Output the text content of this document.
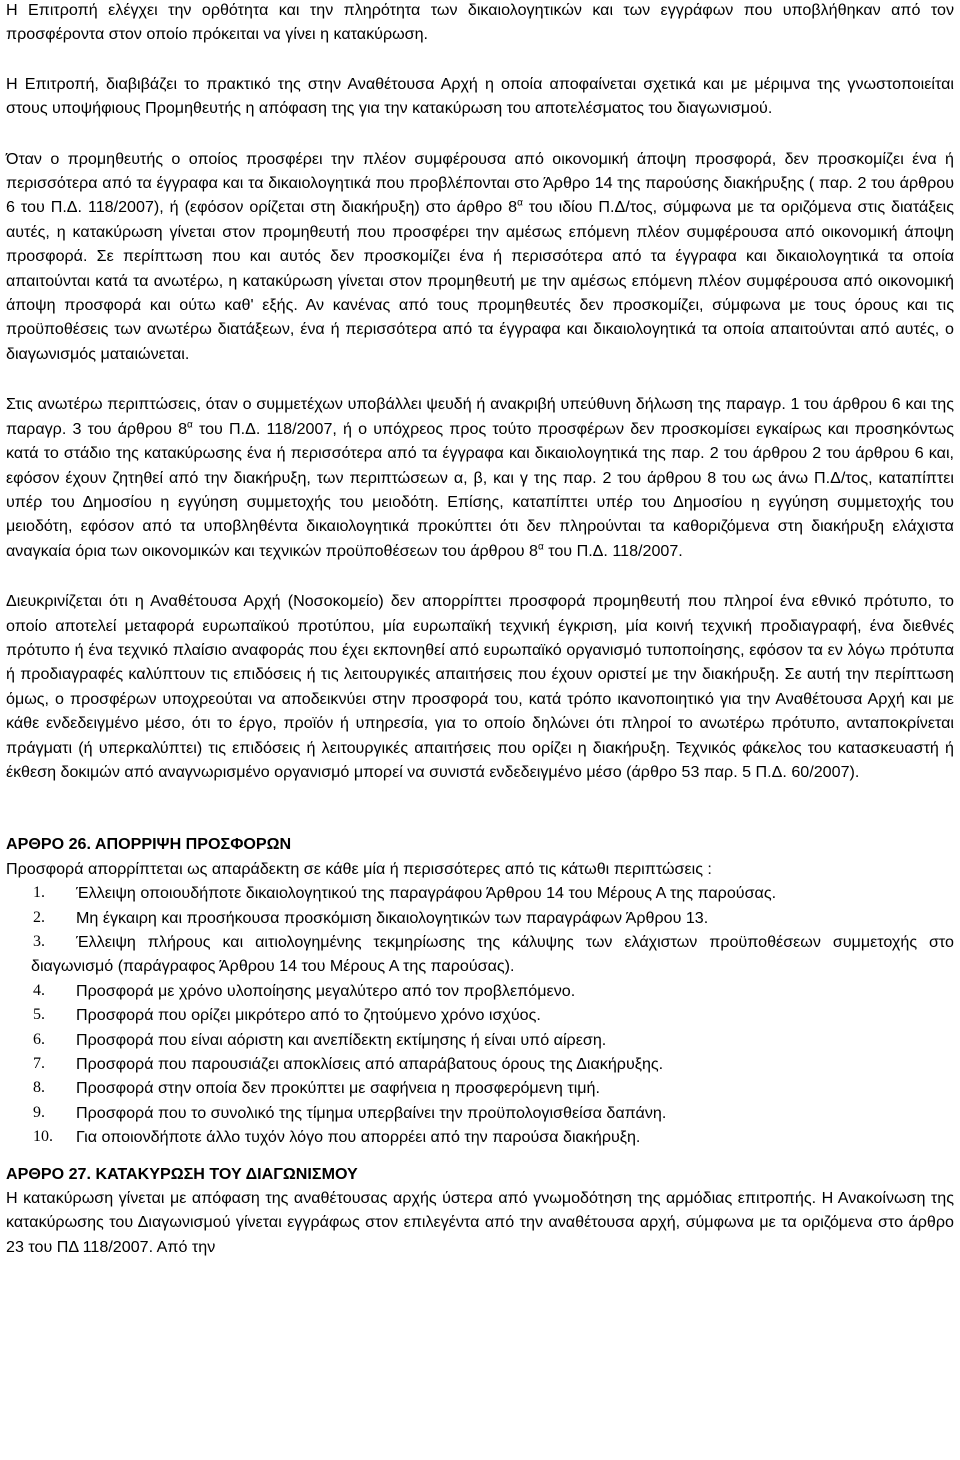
Η Επιτροπή ελέγχει την ορθότητα και την πληρότητα των δικαιολογητικών και των εγγράφων που υποβλήθηκαν από τον προσφέροντα στον οποίο πρόκειται να γίνει η κατακύρωση.

Η Επιτροπή, διαβιβάζει το πρακτικό της στην Αναθέτουσα Αρχή η οποία αποφαίνεται σχετικά και με μέριμνα της γνωστοποιείται στους υποψήφιους Προμηθευτής η απόφαση της για την κατακύρωση του αποτελέσματος του διαγωνισμού.

Όταν ο προμηθευτής ο οποίος προσφέρει την πλέον συμφέρουσα από οικονομική άποψη προσφορά, δεν προσκομίζει ένα ή περισσότερα από τα έγγραφα και τα δικαιολογητικά που προβλέπονται στο Άρθρο 14 της παρούσης διακήρυξης ( παρ. 2 του άρθρου 6 του Π.Δ. 118/2007), ή (εφόσον ορίζεται στη διακήρυξη) στο άρθρο $8^\alpha$ του ιδίου Π.Δ/τος, σύμφωνα με τα οριζόμενα στις διατάξεις αυτές, η κατακύρωση γίνεται στον προμηθευτή που προσφέρει την αμέσως επόμενη πλέον συμφέρουσα από οικονομική άποψη προσφορά. Σε περίπτωση που και αυτός δεν προσκομίζει ένα ή περισσότερα από τα έγγραφα και δικαιολογητικά τα οποία απαιτούνται κατά τα ανωτέρω, η κατακύρωση γίνεται στον προμηθευτή με την αμέσως επόμενη πλέον συμφέρουσα από οικονομική άποψη προσφορά και ούτω καθ' εξής. Αν κανένας από τους προμηθευτές δεν προσκομίζει, σύμφωνα με τους όρους και τις προϋποθέσεις των ανωτέρω διατάξεων, ένα ή περισσότερα από τα έγγραφα και δικαιολογητικά τα οποία απαιτούνται από αυτές, ο διαγωνισμός ματαιώνεται.

Στις ανωτέρω περιπτώσεις, όταν ο συμμετέχων υποβάλλει ψευδή ή ανακριβή υπεύθυνη δήλωση της παραγρ. 1 του άρθρου 6 και της παραγρ. 3 του άρθρου $8^\alpha$ του Π.Δ. 118/2007, ή ο υπόχρεος προς τούτο προσφέρων δεν προσκομίσει εγκαίρως και προσηκόντως κατά το στάδιο της κατακύρωσης ένα ή περισσότερα από τα έγγραφα και δικαιολογητικά της παρ. 2 του άρθρου 2 του άρθρου 6 και, εφόσον έχουν ζητηθεί από την διακήρυξη, των περιπτώσεων α, β, και γ της παρ. 2 του άρθρου 8 του ως άνω Π.Δ/τος, καταπίπτει υπέρ του Δημοσίου η εγγύηση συμμετοχής του μειοδότη. Επίσης, καταπίπτει υπέρ του Δημοσίου η εγγύηση συμμετοχής του μειοδότη, εφόσον από τα υποβληθέντα δικαιολογητικά προκύπτει ότι δεν πληρούνται τα καθοριζόμενα στη διακήρυξη ελάχιστα αναγκαία όρια των οικονομικών και τεχνικών προϋποθέσεων του άρθρου $8^\alpha$ του Π.Δ. 118/2007.

Διευκρινίζεται ότι η Αναθέτουσα Αρχή (Νοσοκομείο) δεν απορρίπτει προσφορά προμηθευτή που πληροί ένα εθνικό πρότυπο, το οποίο αποτελεί μεταφορά ευρωπαϊκού προτύπου, μία ευρωπαϊκή τεχνική έγκριση, μία κοινή τεχνική προδιαγραφή, ένα διεθνές πρότυπο ή ένα τεχνικό πλαίσιο αναφοράς που έχει εκπονηθεί από ευρωπαϊκό οργανισμό τυποποίησης, εφόσον τα εν λόγω πρότυπα ή προδιαγραφές καλύπτουν τις επιδόσεις ή τις λειτουργικές απαιτήσεις που έχουν οριστεί με την διακήρυξη. Σε αυτή την περίπτωση όμως, ο προσφέρων υποχρεούται να αποδεικνύει στην προσφορά του, κατά τρόπο ικανοποιητικό για την Αναθέτουσα Αρχή και με κάθε ενδεδειγμένο μέσο, ότι το έργο, προϊόν ή υπηρεσία, για το οποίο δηλώνει ότι πληροί το ανωτέρω πρότυπο, ανταποκρίνεται πράγματι (ή υπερκαλύπτει) τις επιδόσεις ή λειτουργικές απαιτήσεις που ορίζει η διακήρυξη. Τεχνικός φάκελος του κατασκευαστή ή έκθεση δοκιμών από αναγνωρισμένο οργανισμό μπορεί να συνιστά ενδεδειγμένο μέσο (άρθρο 53 παρ. 5 Π.Δ. 60/2007).

ΑΡΘΡΟ 26. ΑΠΟΡΡΙΨΗ ΠΡΟΣΦΟΡΩΝ

Προσφορά απορρίπτεται ως απαράδεκτη σε κάθε μία ή περισσότερες από τις κάτωθι περιπτώσεις :

1.	Έλλειψη οποιουδήποτε δικαιολογητικού της παραγράφου Άρθρου 14 του Μέρους Α της παρούσας.
2.	Μη έγκαιρη και προσήκουσα προσκόμιση δικαιολογητικών των παραγράφων Άρθρου 13.
3.	Έλλειψη πλήρους και αιτιολογημένης τεκμηρίωσης της κάλυψης των ελάχιστων προϋποθέσεων συμμετοχής στο διαγωνισμό (παράγραφος Άρθρου 14 του Μέρους Α της παρούσας).
4.	Προσφορά με χρόνο υλοποίησης μεγαλύτερο από τον προβλεπόμενο.
5.	Προσφορά που ορίζει μικρότερο από το ζητούμενο χρόνο ισχύος.
6.	Προσφορά που είναι αόριστη και ανεπίδεκτη εκτίμησης ή είναι υπό αίρεση.
7.	Προσφορά που παρουσιάζει αποκλίσεις από απαράβατους όρους της Διακήρυξης.
8.	Προσφορά στην οποία δεν προκύπτει με σαφήνεια η προσφερόμενη τιμή.
9.	Προσφορά που το συνολικό της τίμημα υπερβαίνει την προϋπολογισθείσα δαπάνη.
10.	Για οποιονδήποτε άλλο τυχόν λόγο που απορρέει από την παρούσα διακήρυξη.
ΑΡΘΡΟ 27. ΚΑΤΑΚΥΡΩΣΗ ΤΟΥ ΔΙΑΓΩΝΙΣΜΟΥ

Η κατακύρωση γίνεται με απόφαση της αναθέτουσας αρχής ύστερα από γνωμοδότηση της αρμόδιας επιτροπής. Η Ανακοίνωση της κατακύρωσης του Διαγωνισμού γίνεται εγγράφως στον επιλεγέντα από την αναθέτουσα αρχή, σύμφωνα με τα οριζόμενα στο άρθρο 23 του ΠΔ 118/2007. Από την
